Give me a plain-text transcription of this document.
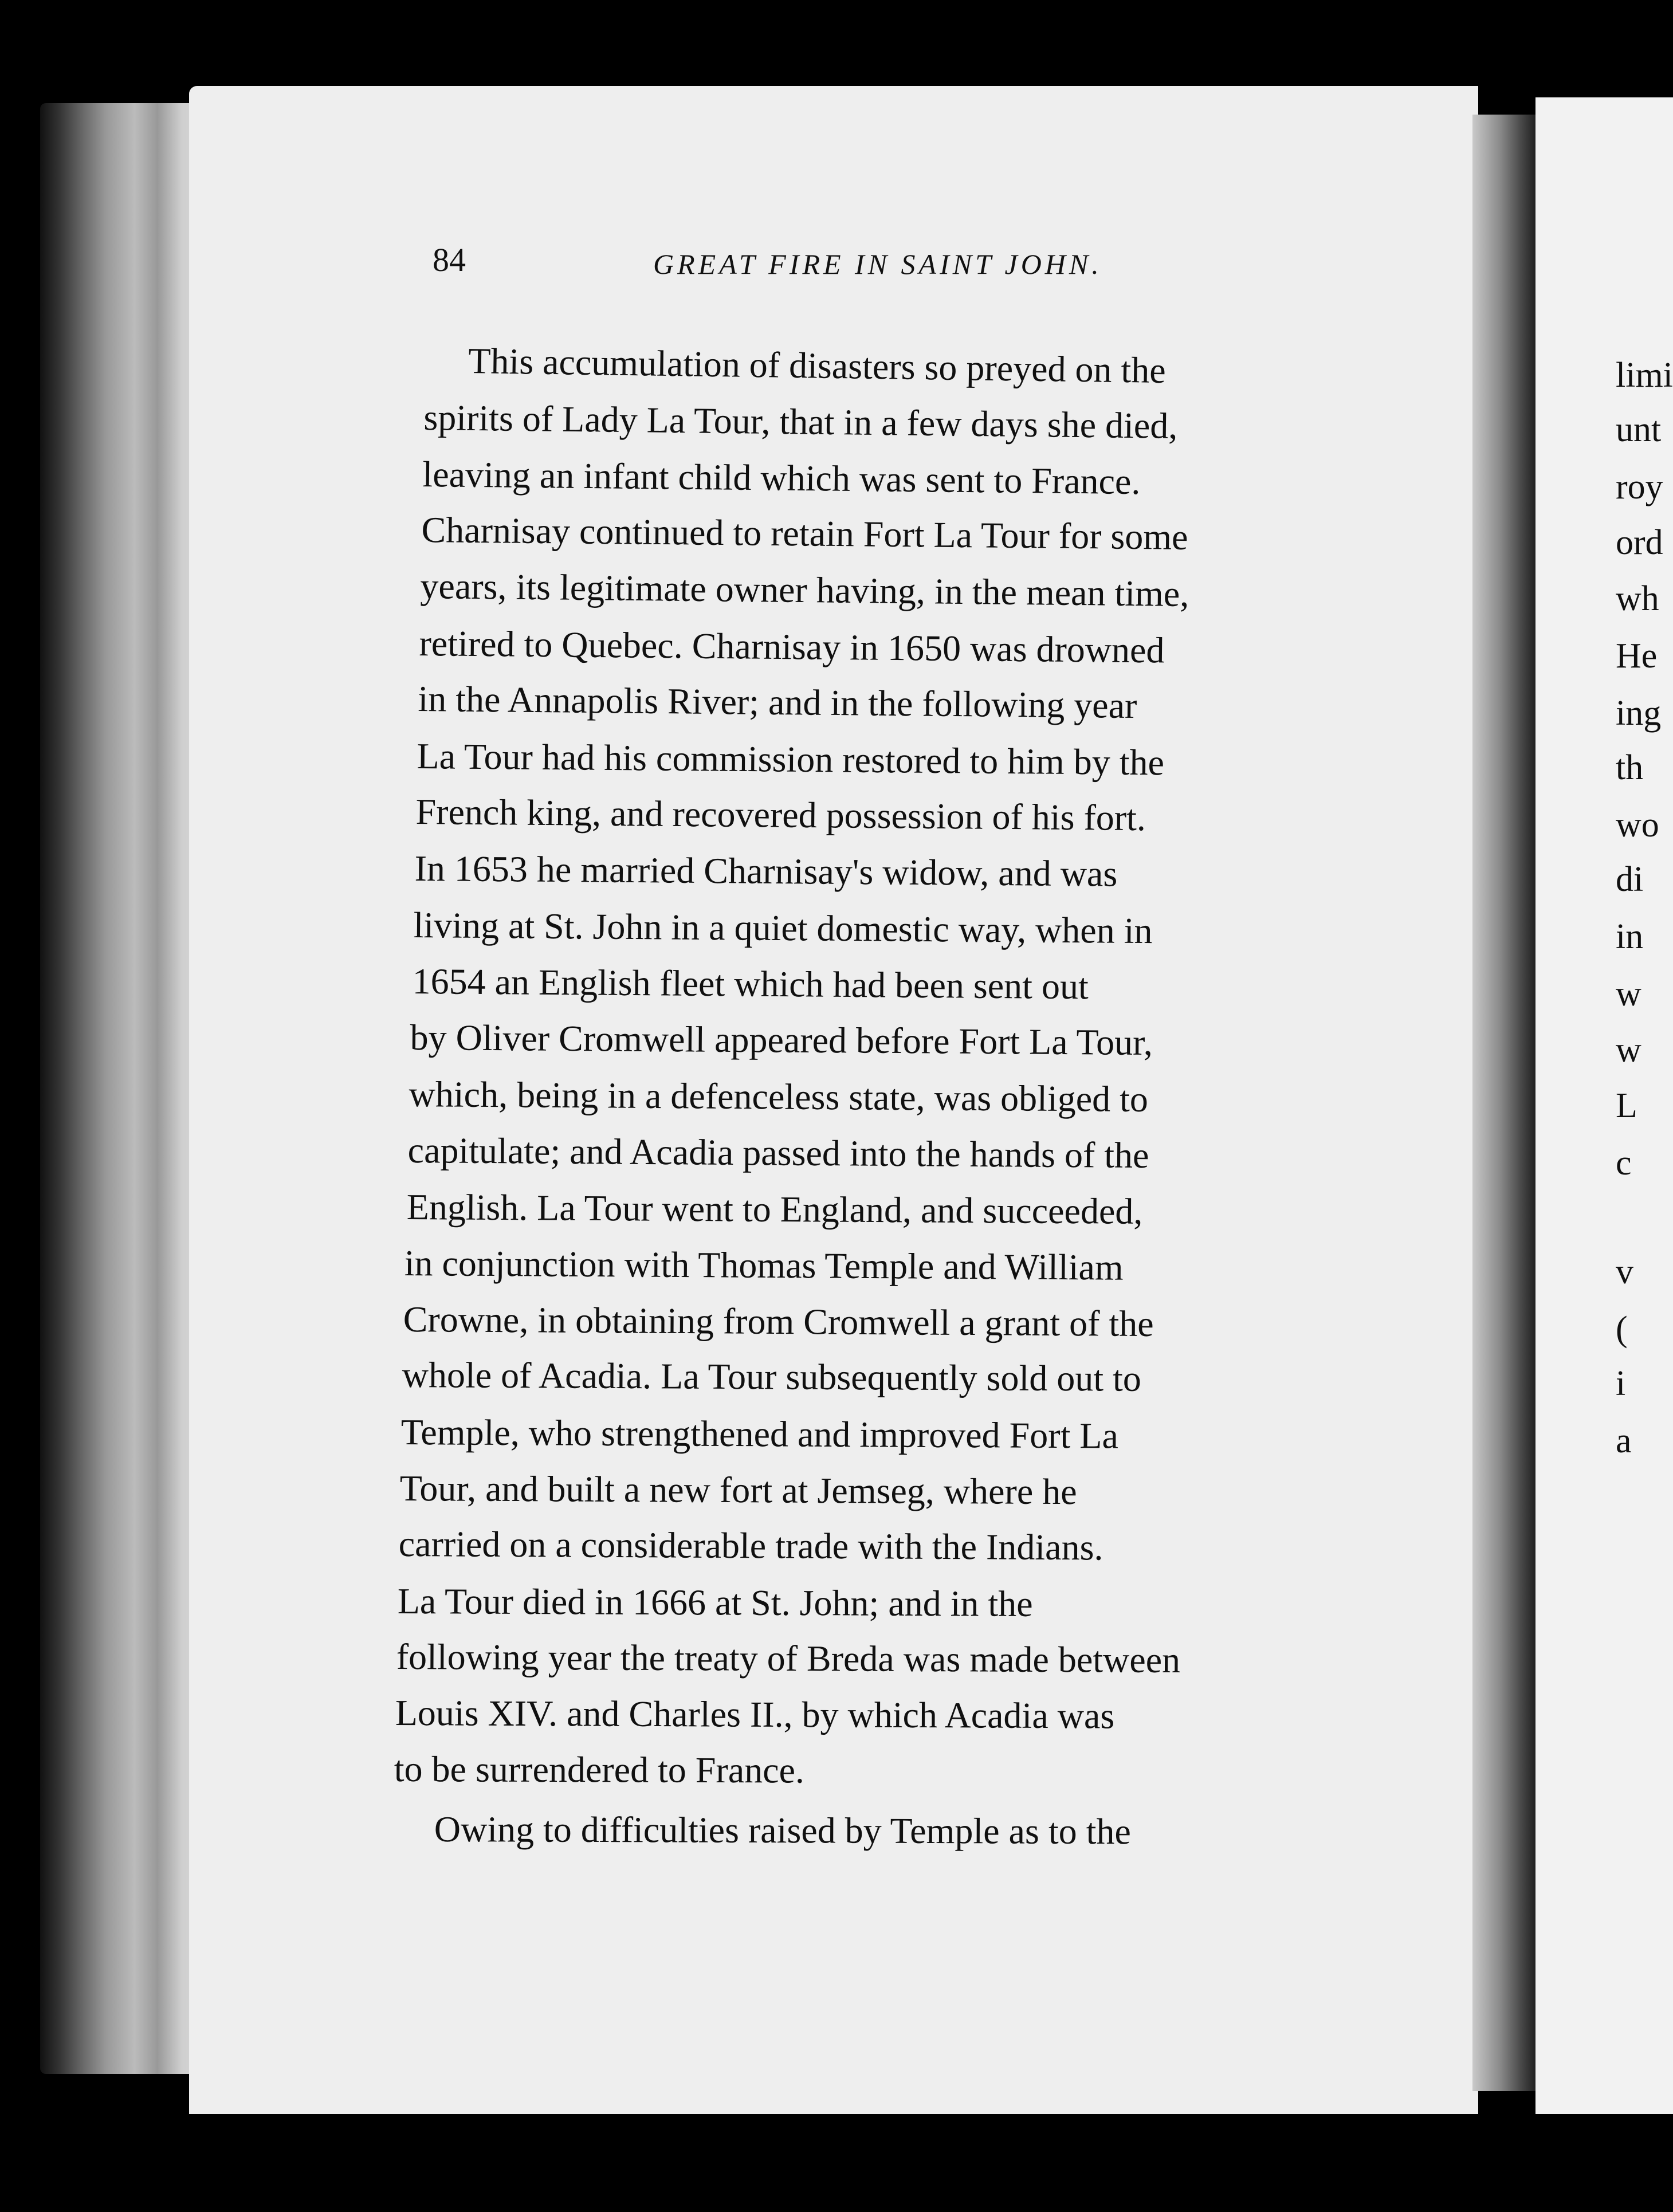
84	GREAT FIRE IN SAINT JOHN.
This accumulation of disasters so preyed on the
spirits of Lady La Tour, that in a few days she died,
leaving an infant child which was sent to France.
Charnisay continued to retain Fort La Tour for some
years, its legitimate owner having, in the mean time,
retired to Quebec. Charnisay in 1650 was drowned
in the Annapolis River; and in the following year
La Tour had his commission restored to him by the
French king, and recovered possession of his fort.
In 1653 he married Charnisay's widow, and was
living at St. John in a quiet domestic way, when in
1654 an English fleet which had been sent out
by Oliver Cromwell appeared before Fort La Tour,
which, being in a defenceless state, was obliged to
capitulate; and Acadia passed into the hands of the
English. La Tour went to England, and succeeded,
in conjunction with Thomas Temple and William
Crowne, in obtaining from Cromwell a grant of the
whole of Acadia. La Tour subsequently sold out to
Temple, who strengthened and improved Fort La
Tour, and built a new fort at Jemseg, where he
carried on a considerable trade with the Indians.
La Tour died in 1666 at St. John; and in the
following year the treaty of Breda was made between
Louis XIV. and Charles II., by which Acadia was
to be surrendered to France.
Owing to difficulties raised by Temple as to the
limi
unt
roy
ord
wh
He
ing
th
wo
di
in
w
w
L
c
v
(
i
a
